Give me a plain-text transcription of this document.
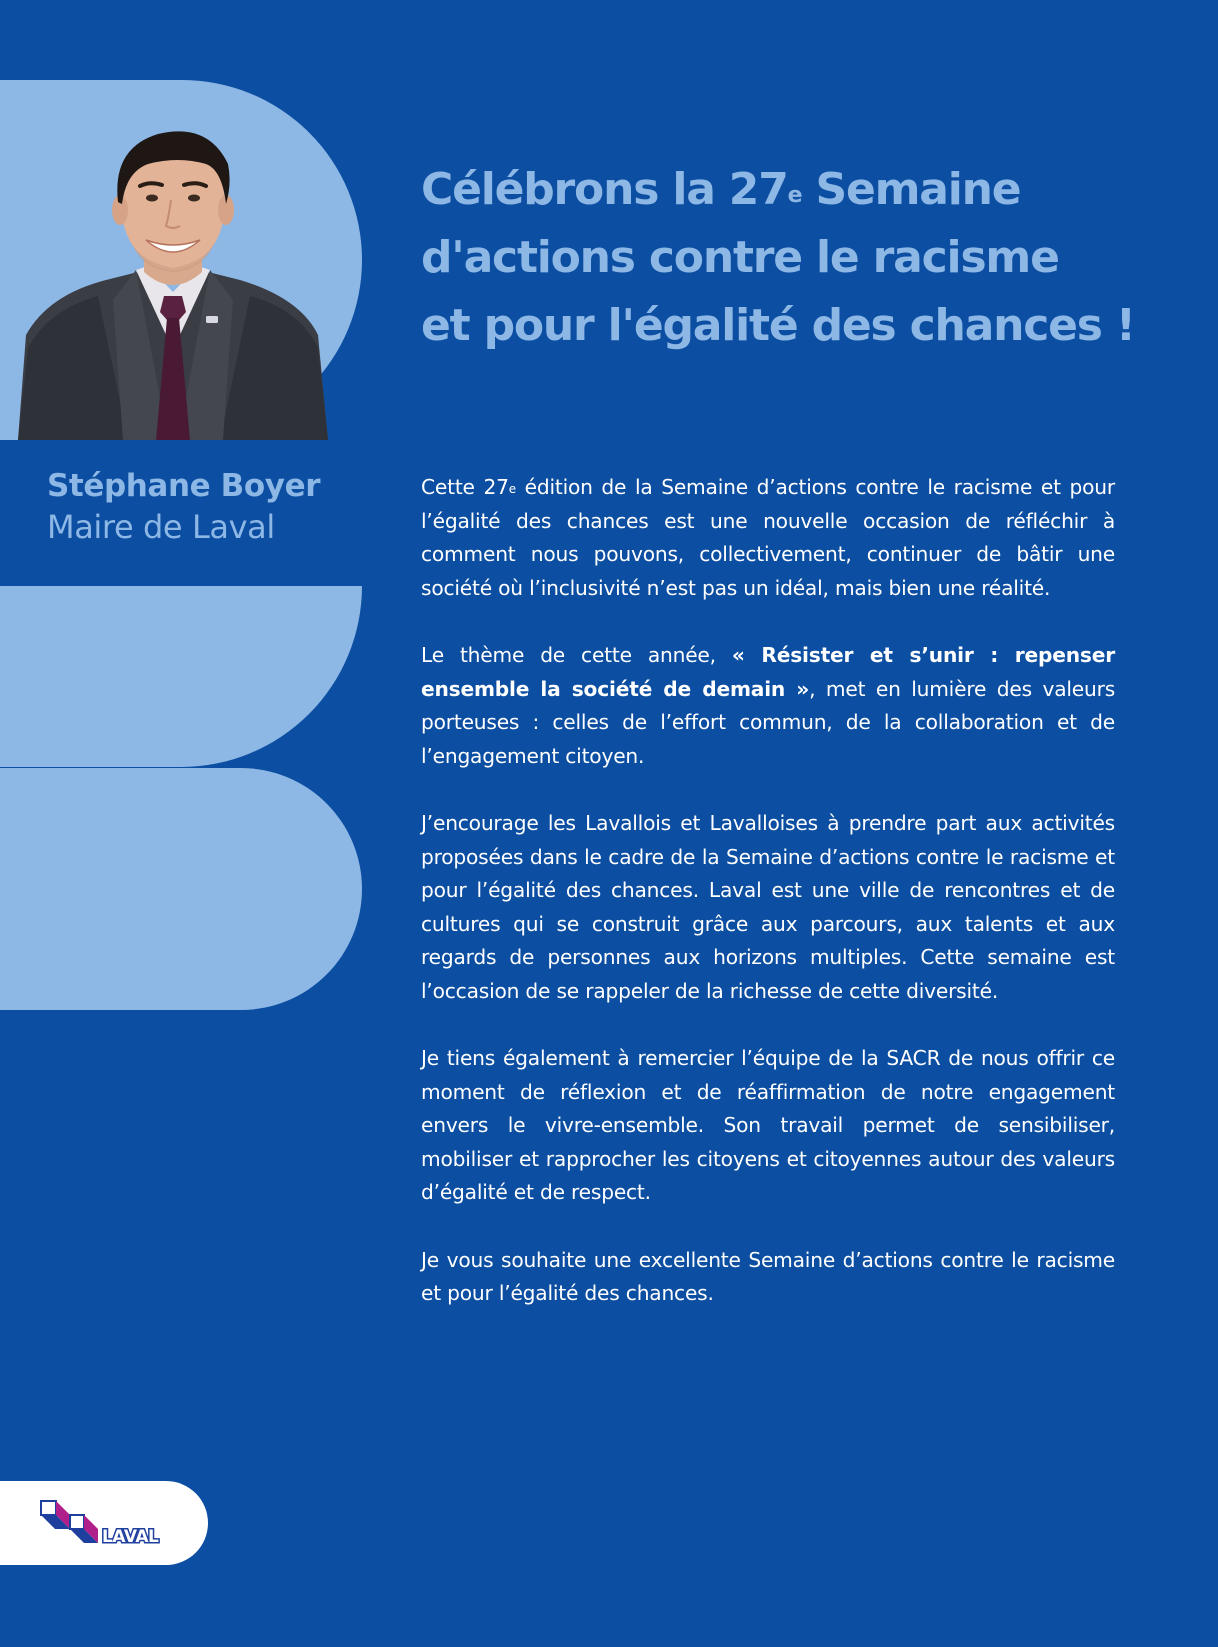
Stéphane Boyer

Maire de Laval

Célébrons la 27e Semaine
d'actions contre le racisme
et pour l'égalité des chances !

Cette 27e édition de la Semaine d’actions contre le racisme et pour l’égalité des chances est une nouvelle occasion de réfléchir à comment nous pouvons, collectivement, continuer de bâtir une société où l’inclusivité n’est pas un idéal, mais bien une réalité.

Le thème de cette année, « Résister et s’unir : repenser ensemble la société de demain », met en lumière des valeurs porteuses : celles de l’effort commun, de la collaboration et de l’engagement citoyen.

J’encourage les Lavallois et Lavalloises à prendre part aux activités proposées dans le cadre de la Semaine d’actions contre le racisme et pour l’égalité des chances. Laval est une ville de rencontres et de cultures qui se construit grâce aux parcours, aux talents et aux regards de personnes aux horizons multiples. Cette semaine est l’occasion de se rappeler de la richesse de cette diversité.

Je tiens également à remercier l’équipe de la SACR de nous offrir ce moment de réflexion et de réaffirmation de notre engagement envers le vivre-ensemble. Son travail permet de sensibiliser, mobiliser et rapprocher les citoyens et citoyennes autour des valeurs d’égalité et de respect.

Je vous souhaite une excellente Semaine d’actions contre le racisme et pour l’égalité des chances.

LAVAL
